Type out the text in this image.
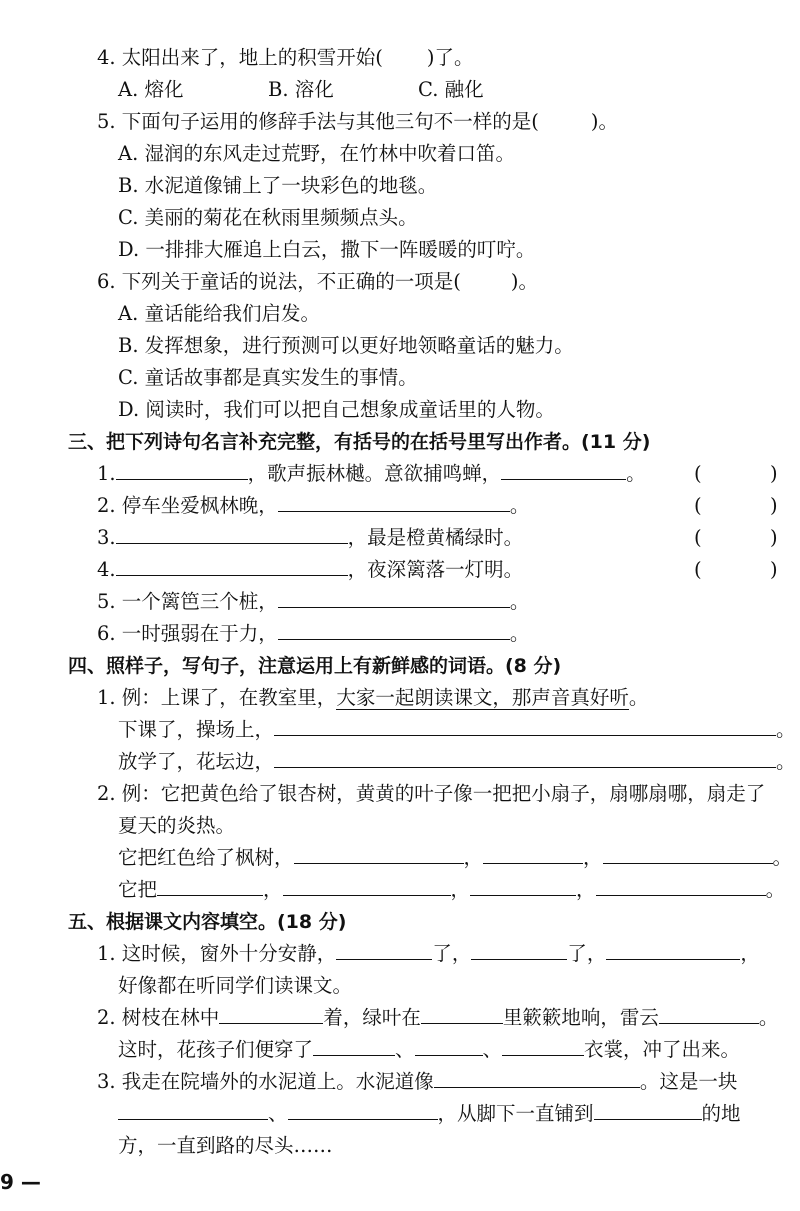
4. 太阳出来了，地上的积雪开始( )了。
A. 熔化	B. 溶化	C. 融化
5. 下面句子运用的修辞手法与其他三句不一样的是(	)。
A. 湿润的东风走过荒野，在竹林中吹着口笛。
B. 水泥道像铺上了一块彩色的地毯。
C. 美丽的菊花在秋雨里频频点头。
D. 一排排大雁追上白云，撒下一阵暖暖的叮咛。
6. 下列关于童话的说法，不正确的一项是(	)。
A. 童话能给我们启发。
B. 发挥想象，进行预测可以更好地领略童话的魅力。
C. 童话故事都是真实发生的事情。
D. 阅读时，我们可以把自己想象成童话里的人物。
三、把下列诗句名言补充完整，有括号的在括号里写出作者。(11 分)
1.	，歌声振林樾。意欲捕鸣蝉，	。 (	)
2. 停车坐爱枫林晚，	。	(	)
3.	，最是橙黄橘绿时。	(	)
4.	，夜深篱落一灯明。	(	)
5. 一个篱笆三个桩，	。
6. 一时强弱在于力，	。
四、照样子，写句子，注意运用上有新鲜感的词语。(8 分)
1. 例：上课了，在教室里，大家一起朗读课文，那声音真好听。
下课了，操场上，	。
放学了，花坛边，	。
2. 例：它把黄色给了银杏树，黄黄的叶子像一把把小扇子，扇哪扇哪，扇走了
夏天的炎热。
它把红色给了枫树，	，	，	。
它把	，	，	，	。
五、根据课文内容填空。(18 分)
1. 这时候，窗外十分安静，	了，	了，	，
好像都在听同学们读课文。
2. 树枝在林中	着，绿叶在	里簌簌地响，雷云	。
这时，花孩子们便穿了	、	、	衣裳，冲了出来。
3. 我走在院墙外的水泥道上。水泥道像	。这是一块
、	，从脚下一直铺到	的地
方，一直到路的尽头……
9 —
